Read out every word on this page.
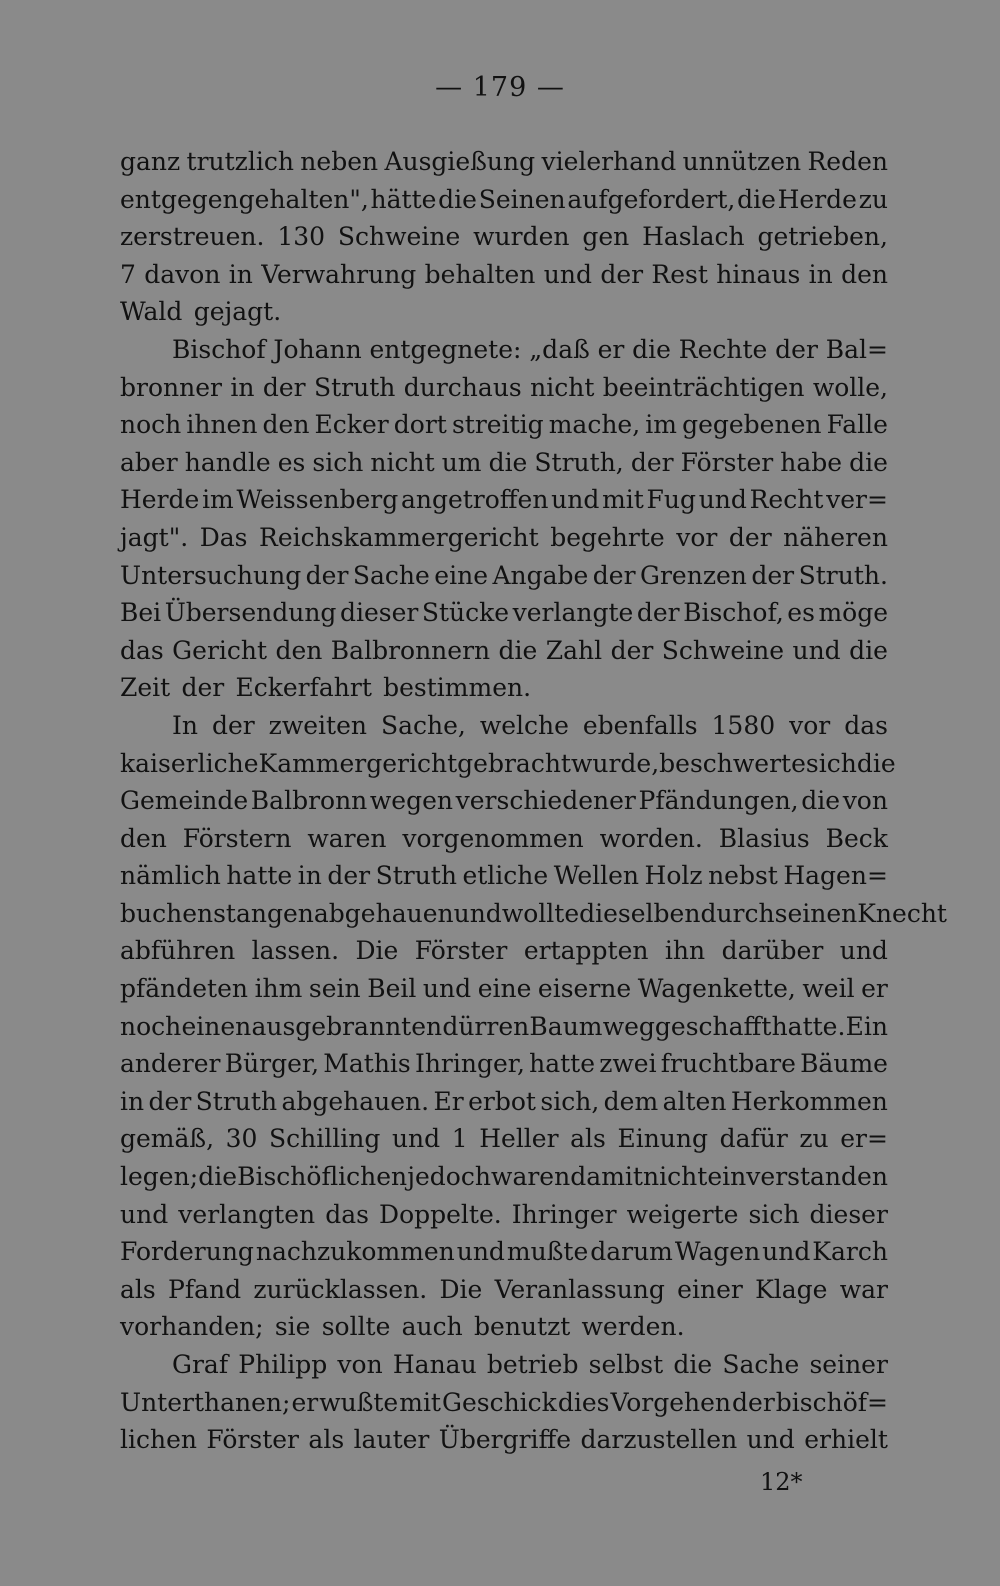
— 179 —
ganz trutzlich neben Ausgießung vielerhand unnützen Reden
entgegengehalten", hätte die Seinen aufgefordert, die Herde zu
zerstreuen. 130 Schweine wurden gen Haslach getrieben,
7 davon in Verwahrung behalten und der Rest hinaus in den
Wald gejagt.
Bischof Johann entgegnete: „daß er die Rechte der Bal=
bronner in der Struth durchaus nicht beeinträchtigen wolle,
noch ihnen den Ecker dort streitig mache, im gegebenen Falle
aber handle es sich nicht um die Struth, der Förster habe die
Herde im Weissenberg angetroffen und mit Fug und Recht ver=
jagt". Das Reichskammergericht begehrte vor der näheren
Untersuchung der Sache eine Angabe der Grenzen der Struth.
Bei Übersendung dieser Stücke verlangte der Bischof, es möge
das Gericht den Balbronnern die Zahl der Schweine und die
Zeit der Eckerfahrt bestimmen.
In der zweiten Sache, welche ebenfalls 1580 vor das
kaiserliche Kammergericht gebracht wurde, beschwerte sich die
Gemeinde Balbronn wegen verschiedener Pfändungen, die von
den Förstern waren vorgenommen worden. Blasius Beck
nämlich hatte in der Struth etliche Wellen Holz nebst Hagen=
buchenstangen abgehauen und wollte dieselben durch seinen Knecht
abführen lassen. Die Förster ertappten ihn darüber und
pfändeten ihm sein Beil und eine eiserne Wagenkette, weil er
noch einen ausgebrannten dürren Baum weggeschafft hatte. Ein
anderer Bürger, Mathis Ihringer, hatte zwei fruchtbare Bäume
in der Struth abgehauen. Er erbot sich, dem alten Herkommen
gemäß, 30 Schilling und 1 Heller als Einung dafür zu er=
legen; die Bischöflichen jedoch waren damit nicht einverstanden
und verlangten das Doppelte. Ihringer weigerte sich dieser
Forderung nachzukommen und mußte darum Wagen und Karch
als Pfand zurücklassen. Die Veranlassung einer Klage war
vorhanden; sie sollte auch benutzt werden.
Graf Philipp von Hanau betrieb selbst die Sache seiner
Unterthanen; er wußte mit Geschick dies Vorgehen der bischöf=
lichen Förster als lauter Übergriffe darzustellen und erhielt
12*
